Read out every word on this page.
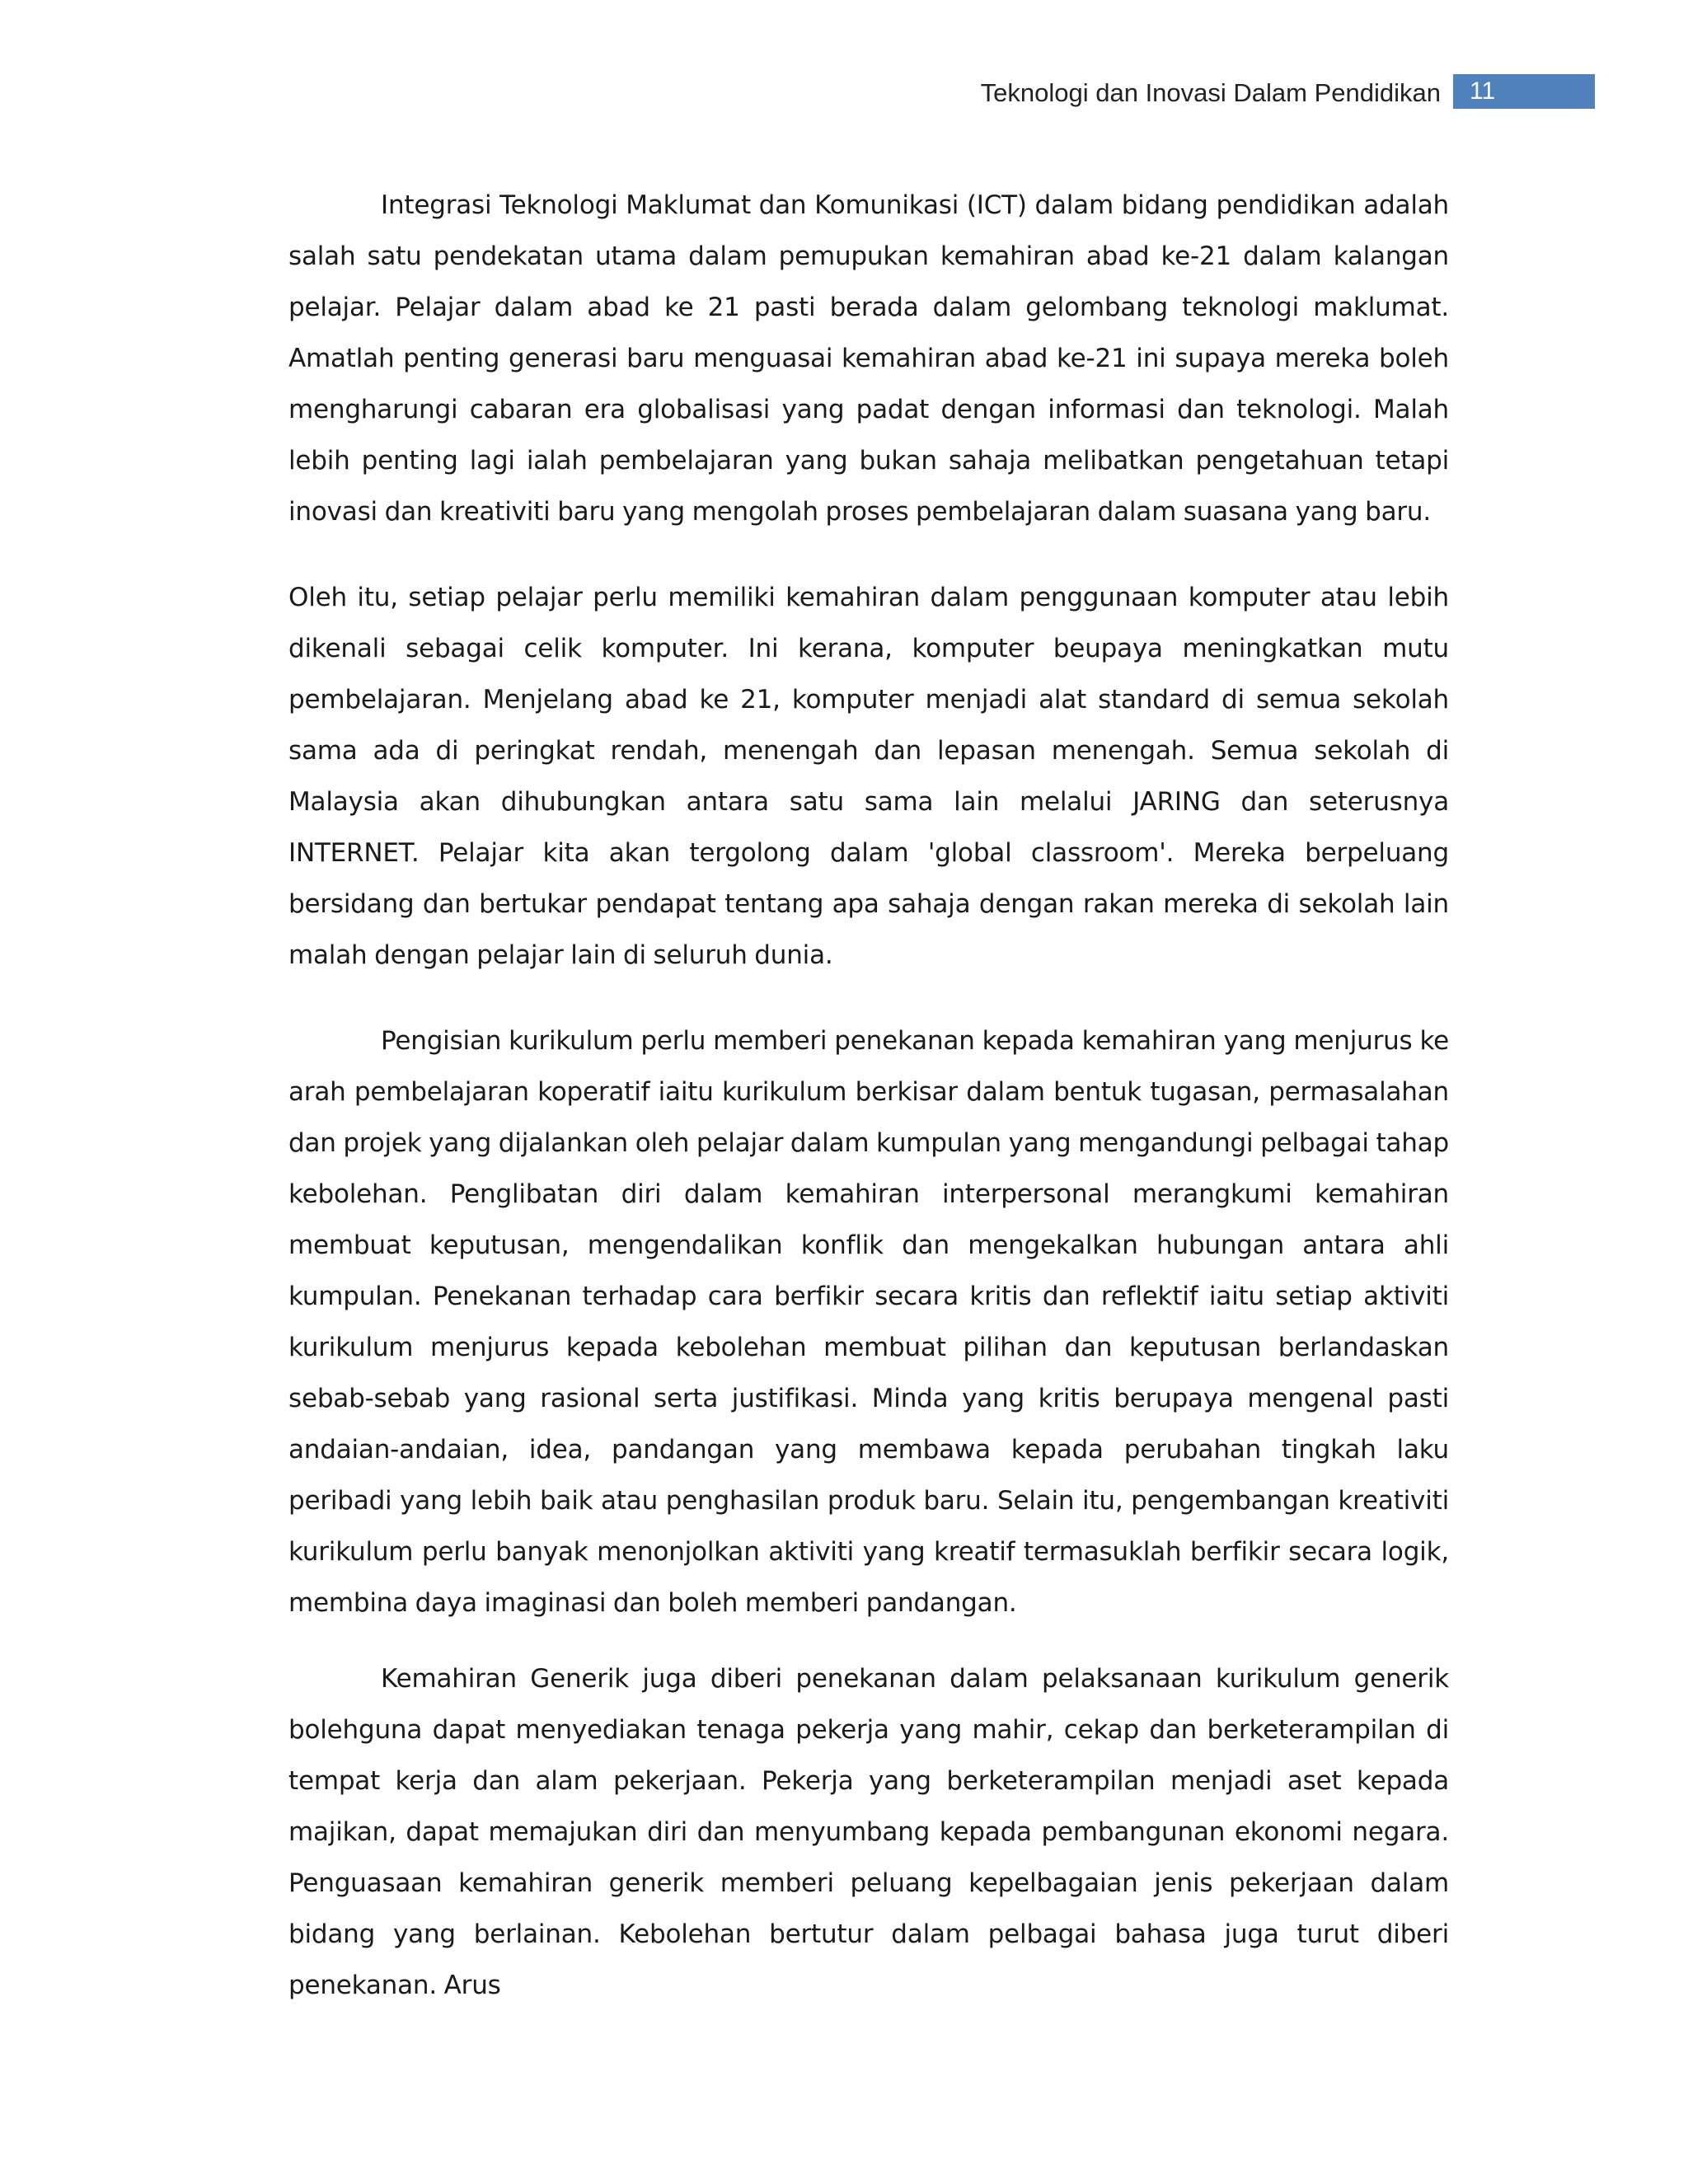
Teknologi dan Inovasi Dalam Pendidikan	11

Integrasi Teknologi Maklumat dan Komunikasi (ICT) dalam bidang pendidikan adalah salah satu pendekatan utama dalam pemupukan kemahiran abad ke-21 dalam kalangan pelajar. Pelajar dalam abad ke 21 pasti berada dalam gelombang teknologi maklumat. Amatlah penting generasi baru menguasai kemahiran abad ke-21 ini supaya mereka boleh mengharungi cabaran era globalisasi yang padat dengan informasi dan teknologi. Malah lebih penting lagi ialah pembelajaran yang bukan sahaja melibatkan pengetahuan tetapi inovasi dan kreativiti baru yang mengolah proses pembelajaran dalam suasana yang baru.

Oleh itu, setiap pelajar perlu memiliki kemahiran dalam penggunaan komputer atau lebih dikenali sebagai celik komputer. Ini kerana, komputer beupaya meningkatkan mutu pembelajaran. Menjelang abad ke 21, komputer menjadi alat standard di semua sekolah sama ada di peringkat rendah, menengah dan lepasan menengah. Semua sekolah di Malaysia akan dihubungkan antara satu sama lain melalui JARING dan seterusnya INTERNET. Pelajar kita akan tergolong dalam 'global classroom'. Mereka berpeluang bersidang dan bertukar pendapat tentang apa sahaja dengan rakan mereka di sekolah lain malah dengan pelajar lain di seluruh dunia.

Pengisian kurikulum perlu memberi penekanan kepada kemahiran yang menjurus ke arah pembelajaran koperatif iaitu kurikulum berkisar dalam bentuk tugasan, permasalahan dan projek yang dijalankan oleh pelajar dalam kumpulan yang mengandungi pelbagai tahap kebolehan. Penglibatan diri dalam kemahiran interpersonal merangkumi kemahiran membuat keputusan, mengendalikan konflik dan mengekalkan hubungan antara ahli kumpulan. Penekanan terhadap cara berfikir secara kritis dan reflektif iaitu setiap aktiviti kurikulum menjurus kepada kebolehan membuat pilihan dan keputusan berlandaskan sebab-sebab yang rasional serta justifikasi. Minda yang kritis berupaya mengenal pasti andaian-andaian, idea, pandangan yang membawa kepada perubahan tingkah laku peribadi yang lebih baik atau penghasilan produk baru. Selain itu, pengembangan kreativiti kurikulum perlu banyak menonjolkan aktiviti yang kreatif termasuklah berfikir secara logik, membina daya imaginasi dan boleh memberi pandangan.

Kemahiran Generik juga diberi penekanan dalam pelaksanaan kurikulum generik bolehguna dapat menyediakan tenaga pekerja yang mahir, cekap dan berketerampilan di tempat kerja dan alam pekerjaan. Pekerja yang berketerampilan menjadi aset kepada majikan, dapat memajukan diri dan menyumbang kepada pembangunan ekonomi negara. Penguasaan kemahiran generik memberi peluang kepelbagaian jenis pekerjaan dalam bidang yang berlainan. Kebolehan bertutur dalam pelbagai bahasa juga turut diberi penekanan. Arus
